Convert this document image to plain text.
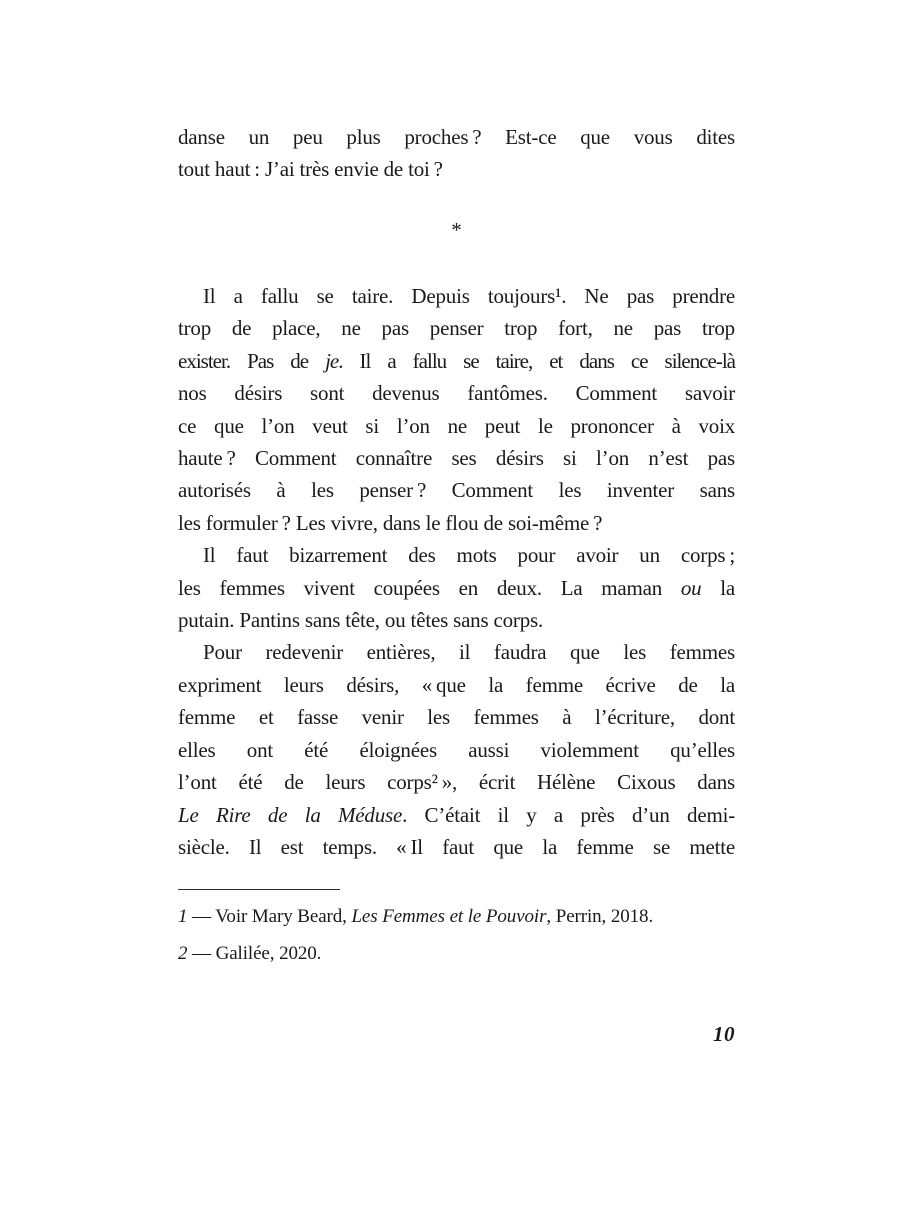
danse un peu plus proches ? Est-ce que vous dites
tout haut : J’ai très envie de toi ?
*
Il a fallu se taire. Depuis toujours¹. Ne pas prendre
trop de place, ne pas penser trop fort, ne pas trop
exister. Pas de je. Il a fallu se taire, et dans ce silence-là
nos désirs sont devenus fantômes. Comment savoir
ce que l’on veut si l’on ne peut le prononcer à voix
haute ? Comment connaître ses désirs si l’on n’est pas
autorisés à les penser ? Comment les inventer sans
les formuler ? Les vivre, dans le flou de soi-même ?
Il faut bizarrement des mots pour avoir un corps ;
les femmes vivent coupées en deux. La maman ou la
putain. Pantins sans tête, ou têtes sans corps.
Pour redevenir entières, il faudra que les femmes
expriment leurs désirs, « que la femme écrive de la
femme et fasse venir les femmes à l’écriture, dont
elles ont été éloignées aussi violemment qu’elles
l’ont été de leurs corps² », écrit Hélène Cixous dans
Le Rire de la Méduse. C’était il y a près d’un demi-
siècle. Il est temps. « Il faut que la femme se mette
1 — Voir Mary Beard, Les Femmes et le Pouvoir, Perrin, 2018.
2 — Galilée, 2020.
10
